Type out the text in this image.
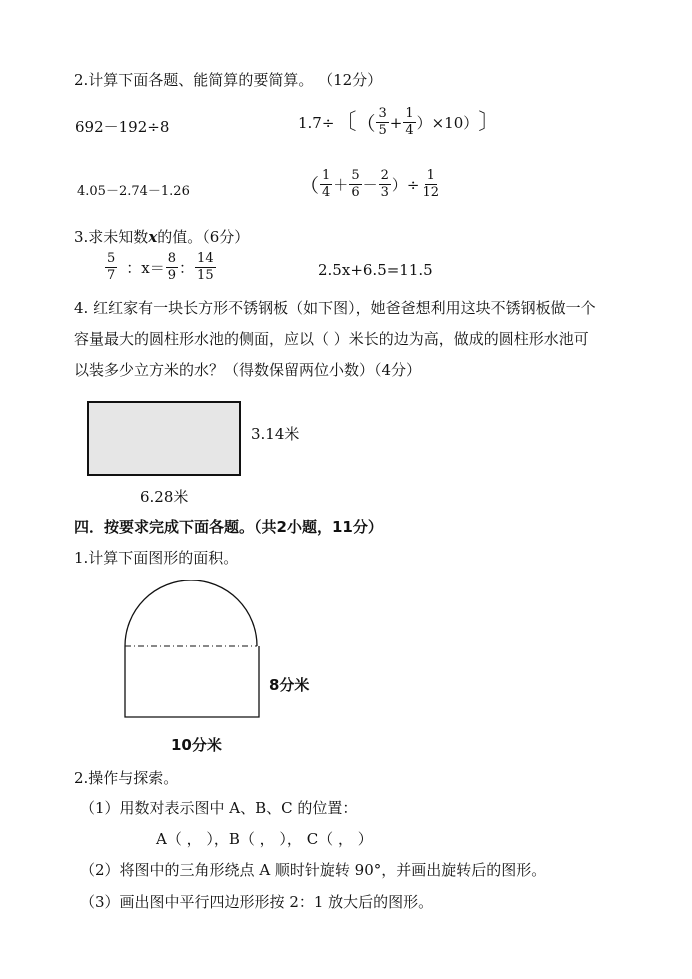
2.计算下面各题、能简算的要简算。 （12分）
692－192÷8	1.7÷ 〔 （ $\frac{3}{5} + \frac{1}{4} )\times 10$） 〕
4.05－2.74－1.26	（ $\frac{1}{4} + \frac{5}{6} - \frac{2}{3}$ ）÷ $\frac{1}{12}$
3.求未知数x的值。（6分）
$\frac{5}{7}$ ：$x= \frac{8}{9}$ ： $\frac{14}{15}$	2.5x+6.5=11.5
4. 红红家有一块长方形不锈钢板（如下图），她爸爸想利用这块不锈钢板做一个
容量最大的圆柱形水池的侧面，应以（ ）米长的边为高，做成的圆柱形水池可
以装多少立方米的水？（得数保留两位小数）（4分）
3.14米
6.28米
四．按要求完成下面各题。（共2小题，11分）
1.计算下面图形的面积。
8分米
10分米
2.操作与探索。
（1）用数对表示图中 A、B、C 的位置：
A（ ， ），B（ ， ）， C（ ， ）
（2）将图中的三角形绕点 A 顺时针旋转 90°，并画出旋转后的图形。
（3）画出图中平行四边形形按 2：1 放大后的图形。
